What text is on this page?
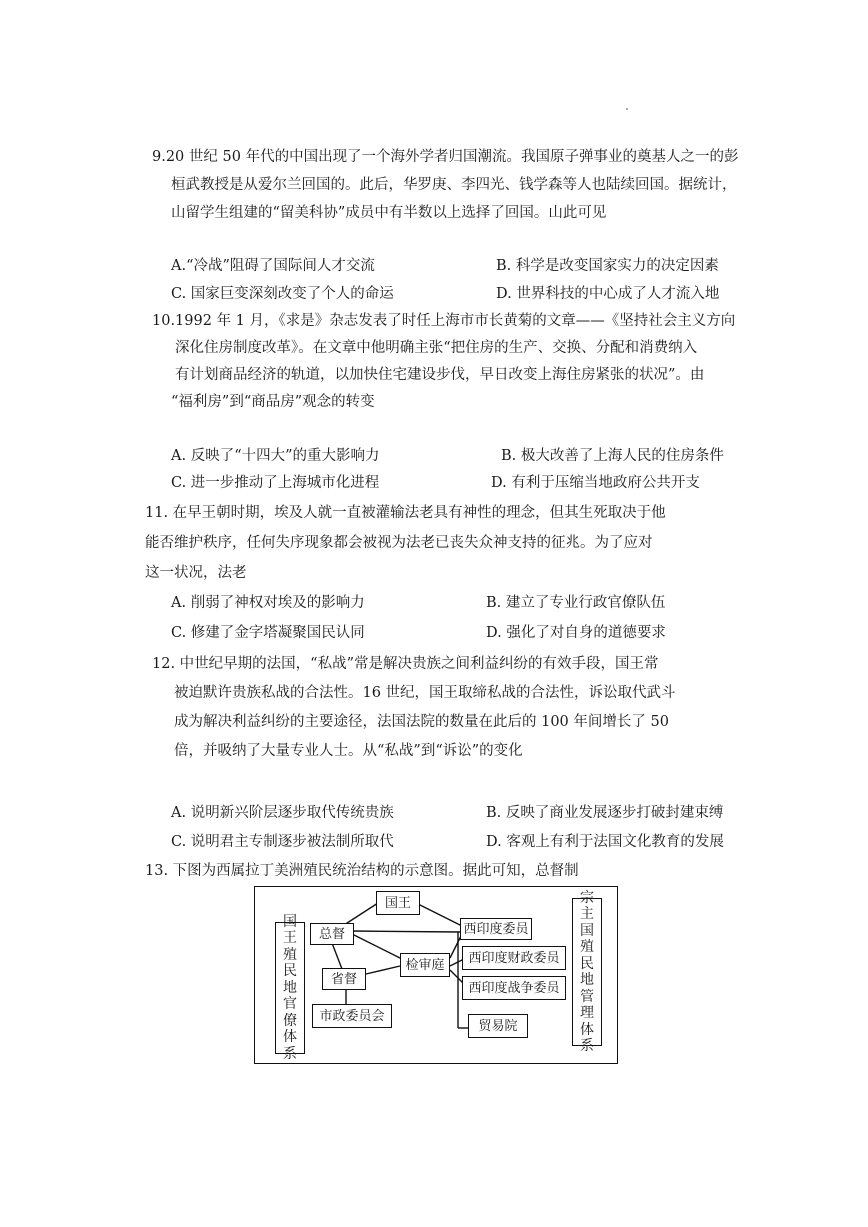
9.20 世纪 50 年代的中国出现了一个海外学者归国潮流。我国原子弹事业的奠基人之一的彭
桓武教授是从爱尔兰回国的。此后，华罗庚、李四光、钱学森等人也陆续回国。据统计，
山留学生组建的“留美科协”成员中有半数以上选择了回国。山此可见
A.“冷战”阻碍了国际间人才交流	B. 科学是改变国家实力的决定因素
C. 国家巨变深刻改变了个人的命运	D. 世界科技的中心成了人才流入地
10.1992 年 1 月，《求是》杂志发表了时任上海市市长黄菊的文章——《坚持社会主义方向
深化住房制度改革》。在文章中他明确主张“把住房的生产、交换、分配和消费纳入
有计划商品经济的轨道，以加快住宅建设步伐，早日改变上海住房紧张的状况”。由
“福利房”到“商品房”观念的转变
A. 反映了“十四大”的重大影响力	B. 极大改善了上海人民的住房条件
C. 进一步推动了上海城市化进程	D. 有利于压缩当地政府公共开支
11. 在早王朝时期，埃及人就一直被灌输法老具有神性的理念，但其生死取决于他
能否维护秩序，任何失序现象都会被视为法老已丧失众神支持的征兆。为了应对
这一状况，法老
A. 削弱了神权对埃及的影响力	B. 建立了专业行政官僚队伍
C. 修建了金字塔凝聚国民认同	D. 强化了对自身的道德要求
12. 中世纪早期的法国，“私战”常是解决贵族之间利益纠纷的有效手段，国王常
被迫默许贵族私战的合法性。16 世纪，国王取缔私战的合法性，诉讼取代武斗
成为解决利益纠纷的主要途径，法国法院的数量在此后的 100 年间增长了 50
倍，并吸纳了大量专业人士。从“私战”到“诉讼”的变化
A. 说明新兴阶层逐步取代传统贵族	B. 反映了商业发展逐步打破封建束缚
C. 说明君主专制逐步被法制所取代	D. 客观上有利于法国文化教育的发展
13. 下图为西属拉丁美洲殖民统治结构的示意图。据此可知，总督制
国
王
殖
民
地
官
僚
体
系
宗
主
国
殖
民
地
管
理
体
系
国王
总督
省督
检审庭
市政委员会
西印度委员
西印度财政委员
西印度战争委员
贸易院
